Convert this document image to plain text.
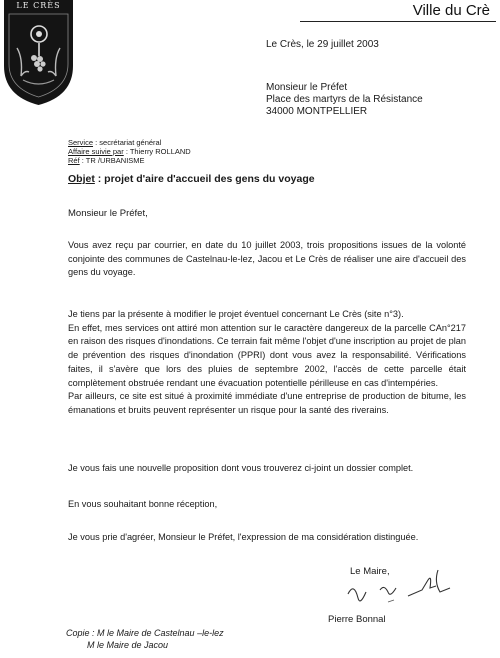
LE CRÈS	Ville du Crè
Le Crès, le 29 juillet 2003
Monsieur le Préfet
Place des martyrs de la Résistance
34000 MONTPELLIER
Service : secrétariat général
Affaire suivie par : Thierry ROLLAND
Réf : TR /URBANISME
Objet : projet d'aire d'accueil des gens du voyage
Monsieur le Préfet,

Vous avez reçu par courrier, en date du 10 juillet 2003, trois propositions issues de la volonté conjointe des communes de Castelnau-le-lez, Jacou et Le Crès de réaliser une aire d'accueil des gens du voyage.

Je tiens par la présente à modifier le projet éventuel concernant Le Crès (site n°3).
En effet, mes services ont attiré mon attention sur le caractère dangereux de la parcelle CAn°217 en raison des risques d'inondations. Ce terrain fait même l'objet d'une inscription au projet de plan de prévention des risques d'inondation (PPRI) dont vous avez la responsabilité. Vérifications faites, il s'avère que lors des pluies de septembre 2002, l'accès de cette parcelle était complètement obstruée rendant une évacuation potentielle périlleuse en cas d'intempéries.
Par ailleurs, ce site est situé à proximité immédiate d'une entreprise de production de bitume, les émanations et bruits peuvent représenter un risque pour la santé des riverains.

Je vous fais une nouvelle proposition dont vous trouverez ci-joint un dossier complet.

En vous souhaitant bonne réception,

Je vous prie d'agréer, Monsieur le Préfet, l'expression de ma considération distinguée.

Le Maire,
Pierre Bonnal
Copie : M le Maire de Castelnau –le-lez
M le Maire de Jacou
